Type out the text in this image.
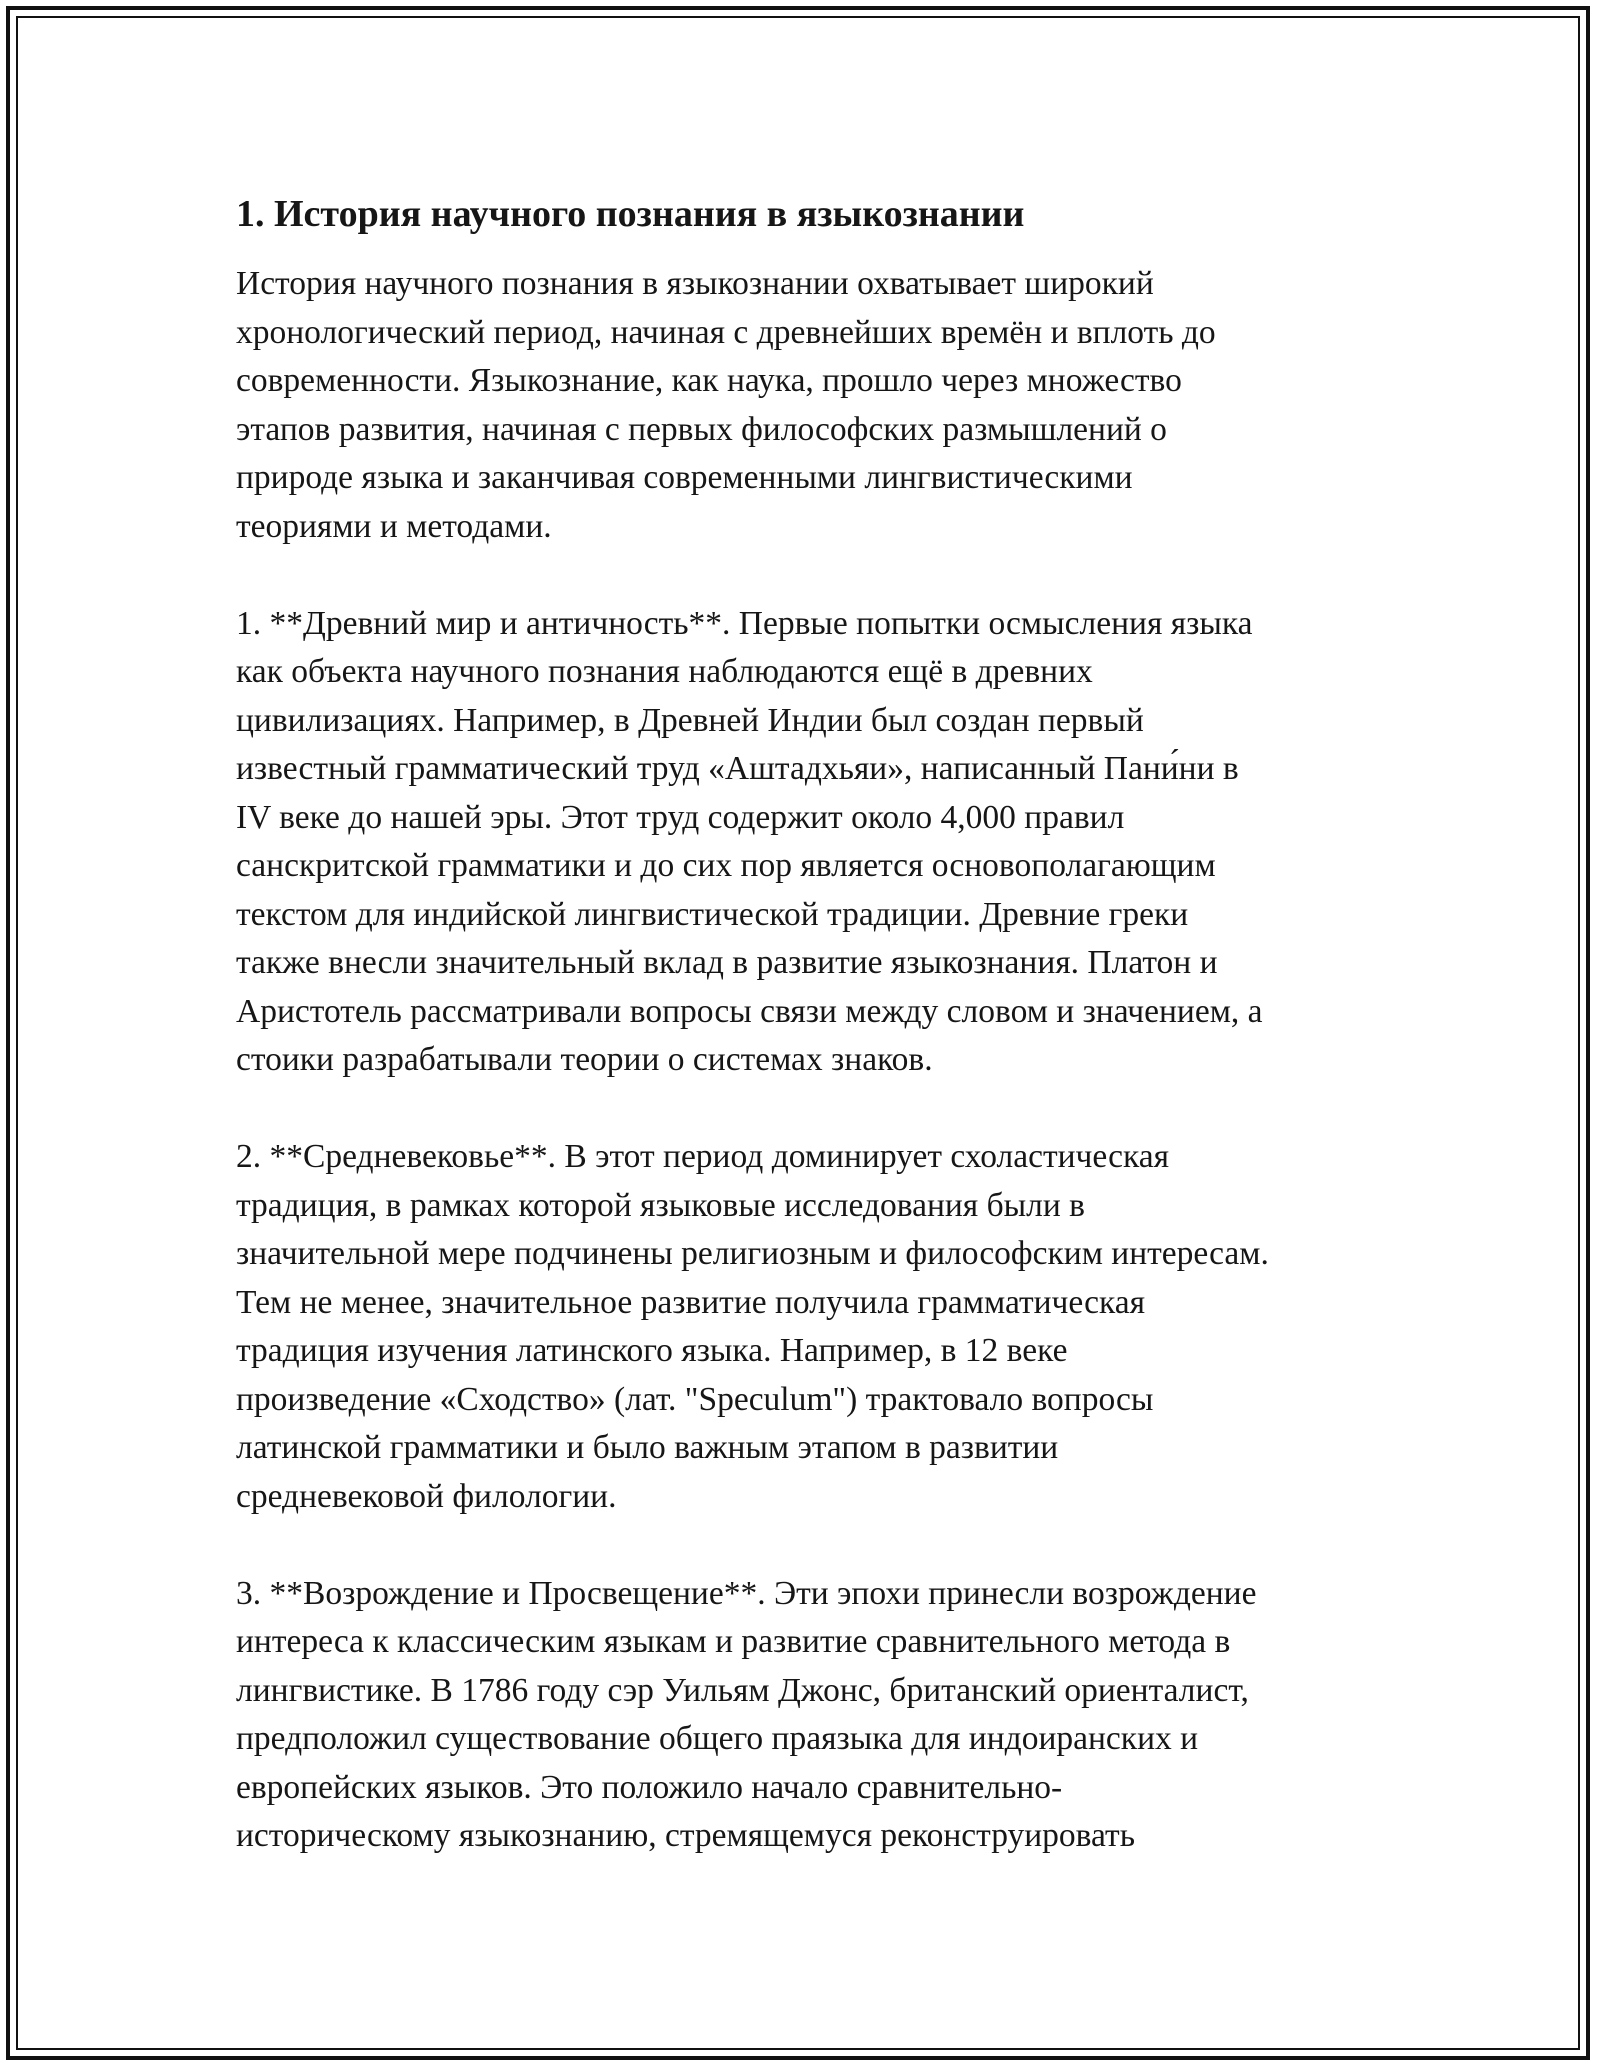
1. История научного познания в языкознании

История научного познания в языкознании охватывает широкий
хронологический период, начиная с древнейших времён и вплоть до
современности. Языкознание, как наука, прошло через множество
этапов развития, начиная с первых философских размышлений о
природе языка и заканчивая современными лингвистическими
теориями и методами.

1. **Древний мир и античность**. Первые попытки осмысления языка
как объекта научного познания наблюдаются ещё в древних
цивилизациях. Например, в Древней Индии был создан первый
известный грамматический труд «Аштадхьяи», написанный Пани́ни в
IV веке до нашей эры. Этот труд содержит около 4,000 правил
санскритской грамматики и до сих пор является основополагающим
текстом для индийской лингвистической традиции. Древние греки
также внесли значительный вклад в развитие языкознания. Платон и
Аристотель рассматривали вопросы связи между словом и значением, а
стоики разрабатывали теории о системах знаков.

2. **Средневековье**. В этот период доминирует схоластическая
традиция, в рамках которой языковые исследования были в
значительной мере подчинены религиозным и философским интересам.
Тем не менее, значительное развитие получила грамматическая
традиция изучения латинского языка. Например, в 12 веке
произведение «Сходство» (лат. "Speculum") трактовало вопросы
латинской грамматики и было важным этапом в развитии
средневековой филологии.

3. **Возрождение и Просвещение**. Эти эпохи принесли возрождение
интереса к классическим языкам и развитие сравнительного метода в
лингвистике. В 1786 году сэр Уильям Джонс, британский ориенталист,
предположил существование общего праязыка для индоиранских и
европейских языков. Это положило начало сравнительно-
историческому языкознанию, стремящемуся реконструировать
